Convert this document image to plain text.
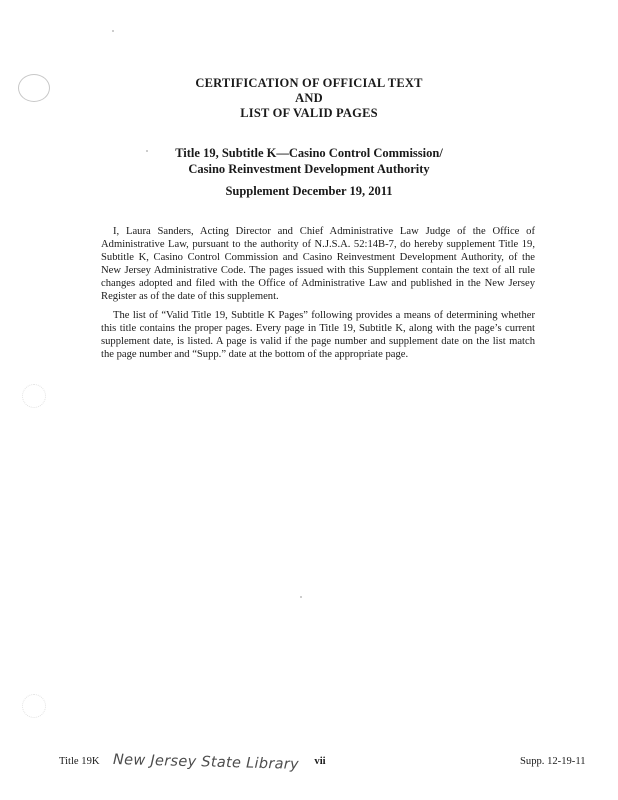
CERTIFICATION OF OFFICIAL TEXT
AND
LIST OF VALID PAGES
Title 19, Subtitle K—Casino Control Commission/
Casino Reinvestment Development Authority
Supplement December 19, 2011

I, Laura Sanders, Acting Director and Chief Administrative Law Judge of the Office of Administrative Law, pursuant to the authority of N.J.S.A. 52:14B-7, do hereby supplement Title 19, Subtitle K, Casino Control Commission and Casino Reinvestment Development Authority, of the New Jersey Administrative Code. The pages issued with this Supplement contain the text of all rule changes adopted and filed with the Office of Administrative Law and published in the New Jersey Register as of the date of this supplement.

The list of “Valid Title 19, Subtitle K Pages” following provides a means of determining whether this title contains the proper pages. Every page in Title 19, Subtitle K, along with the page’s current supplement date, is listed. A page is valid if the page number and supplement date on the list match the page number and “Supp.” date at the bottom of the appropriate page.

Title 19K New Jersey State Library	vii	Supp. 12-19-11
